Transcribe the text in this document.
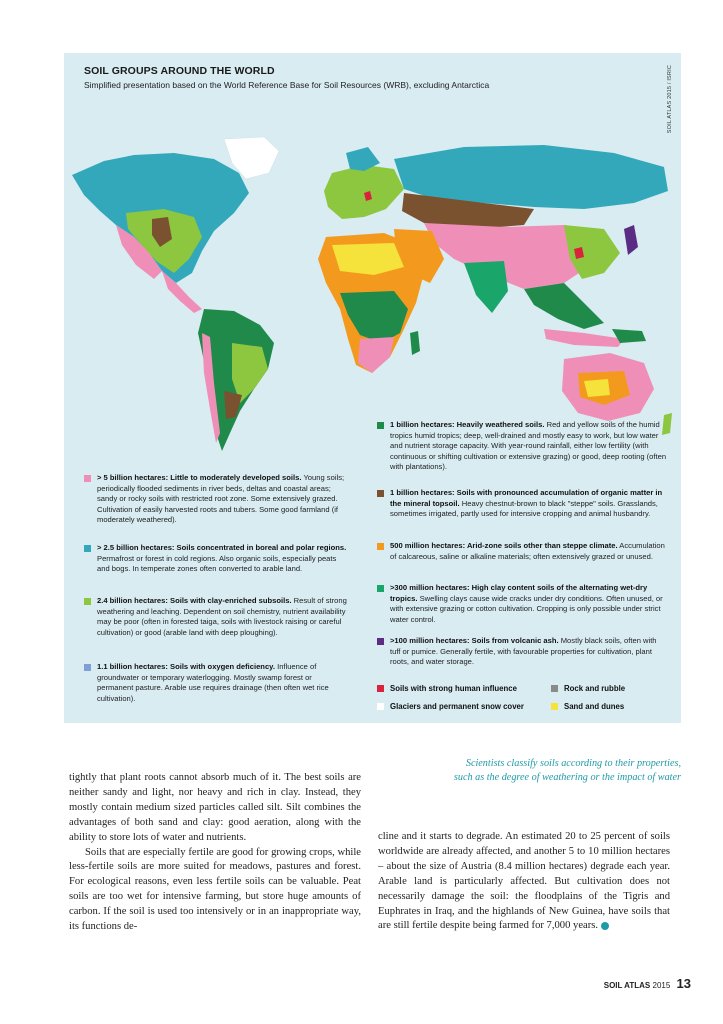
SOIL GROUPS AROUND THE WORLD
Simplified presentation based on the World Reference Base for Soil Resources (WRB), excluding Antarctica	SOIL ATLAS 2015 / ISRIC
1 billion hectares: Heavily weathered soils. Red and yellow soils of the humid tropics humid tropics; deep, well-drained and mostly easy to work, but low water and nutrient storage capacity. With year-round rainfall, either low fertility (with continuous or shifting cultivation or extensive grazing) or good, deep rooting (often with plantations).
1 billion hectares: Soils with pronounced accumulation of organic matter in the mineral topsoil. Heavy chestnut-brown to black "steppe" soils. Grasslands, sometimes irrigated, partly used for intensive cropping and animal husbandry.
500 million hectares: Arid-zone soils other than steppe climate. Accumulation of calcareous, saline or alkaline materials; often extensively grazed or unused.
>300 million hectares: High clay content soils of the alternating wet-dry tropics. Swelling clays cause wide cracks under dry conditions. Often unused, or with extensive grazing or cotton cultivation. Cropping is only possible under strict water control.
>100 million hectares: Soils from volcanic ash. Mostly black soils, often with tuff or pumice. Generally fertile, with favourable properties for cultivation, plant roots, and water storage.
> 5 billion hectares: Little to moderately developed soils. Young soils; periodically flooded sediments in river beds, deltas and coastal areas; sandy or rocky soils with restricted root zone. Some extensively grazed. Cultivation of easily harvested roots and tubers. Some good farmland (if moderately weathered).
> 2.5 billion hectares: Soils concentrated in boreal and polar regions. Permafrost or forest in cold regions. Also organic soils, especially peats and bogs. In temperate zones often converted to arable land.
2.4 billion hectares: Soils with clay-enriched subsoils. Result of strong weathering and leaching. Dependent on soil chemistry, nutrient availability may be poor (often in forested taiga, soils with livestock raising or careful cultivation) or good (arable land with deep ploughing).
1.1 billion hectares: Soils with oxygen deficiency. Influence of groundwater or temporary waterlogging. Mostly swamp forest or permanent pasture. Arable use requires drainage (then often wet rice cultivation).
Soils with strong human influence	Rock and rubble
Glaciers and permanent snow cover	Sand and dunes
Scientists classify soils according to their properties, such as the degree of weathering or the impact of water

tightly that plant roots cannot absorb much of it. The best soils are neither sandy and light, nor heavy and rich in clay. Instead, they mostly contain medium sized particles called silt. Silt combines the advantages of both sand and clay: good aeration, along with the ability to store lots of water and nutrients.

Soils that are especially fertile are good for growing crops, while less-fertile soils are more suited for meadows, pastures and forest. For ecological reasons, even less fertile soils can be valuable. Peat soils are too wet for intensive farming, but store huge amounts of carbon. If the soil is used too intensively or in an inappropriate way, its functions de-

cline and it starts to degrade. An estimated 20 to 25 percent of soils worldwide are already affected, and another 5 to 10 million hectares – about the size of Austria (8.4 million hectares) degrade each year. Arable land is particularly affected. But cultivation does not necessarily damage the soil: the floodplains of the Tigris and Euphrates in Iraq, and the highlands of New Guinea, have soils that are still fertile despite being farmed for 7,000 years.

SOIL ATLAS 2015 13
